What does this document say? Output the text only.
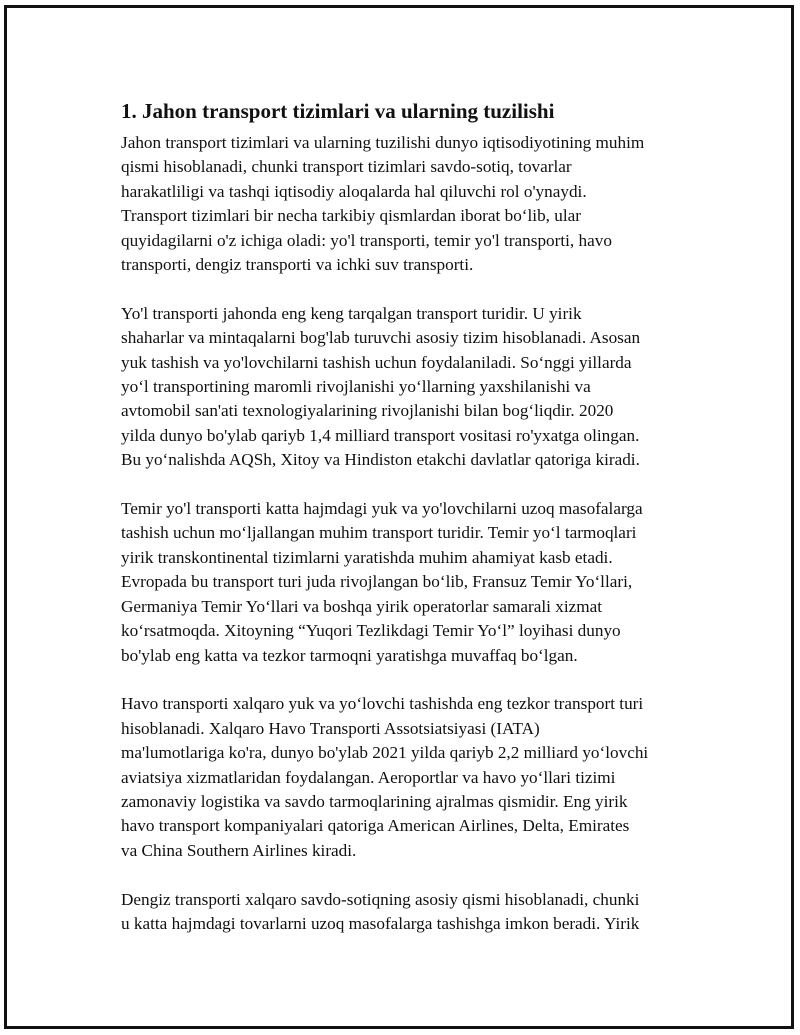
1. Jahon transport tizimlari va ularning tuzilishi

Jahon transport tizimlari va ularning tuzilishi dunyo iqtisodiyotining muhim
qismi hisoblanadi, chunki transport tizimlari savdo-sotiq, tovarlar
harakatliligi va tashqi iqtisodiy aloqalarda hal qiluvchi rol o'ynaydi.
Transport tizimlari bir necha tarkibiy qismlardan iborat bo‘lib, ular
quyidagilarni o'z ichiga oladi: yo'l transporti, temir yo'l transporti, havo
transporti, dengiz transporti va ichki suv transporti.

Yo'l transporti jahonda eng keng tarqalgan transport turidir. U yirik
shaharlar va mintaqalarni bog'lab turuvchi asosiy tizim hisoblanadi. Asosan
yuk tashish va yo'lovchilarni tashish uchun foydalaniladi. So‘nggi yillarda
yo‘l transportining maromli rivojlanishi yo‘llarning yaxshilanishi va
avtomobil san'ati texnologiyalarining rivojlanishi bilan bog‘liqdir. 2020
yilda dunyo bo'ylab qariyb 1,4 milliard transport vositasi ro'yxatga olingan.
Bu yo‘nalishda AQSh, Xitoy va Hindiston etakchi davlatlar qatoriga kiradi.

Temir yo'l transporti katta hajmdagi yuk va yo'lovchilarni uzoq masofalarga
tashish uchun mo‘ljallangan muhim transport turidir. Temir yo‘l tarmoqlari
yirik transkontinental tizimlarni yaratishda muhim ahamiyat kasb etadi.
Evropada bu transport turi juda rivojlangan bo‘lib, Fransuz Temir Yo‘llari,
Germaniya Temir Yo‘llari va boshqa yirik operatorlar samarali xizmat
ko‘rsatmoqda. Xitoyning “Yuqori Tezlikdagi Temir Yo‘l” loyihasi dunyo
bo'ylab eng katta va tezkor tarmoqni yaratishga muvaffaq bo‘lgan.

Havo transporti xalqaro yuk va yo‘lovchi tashishda eng tezkor transport turi
hisoblanadi. Xalqaro Havo Transporti Assotsiatsiyasi (IATA)
ma'lumotlariga ko'ra, dunyo bo'ylab 2021 yilda qariyb 2,2 milliard yo‘lovchi
aviatsiya xizmatlaridan foydalangan. Aeroportlar va havo yo‘llari tizimi
zamonaviy logistika va savdo tarmoqlarining ajralmas qismidir. Eng yirik
havo transport kompaniyalari qatoriga American Airlines, Delta, Emirates
va China Southern Airlines kiradi.

Dengiz transporti xalqaro savdo-sotiqning asosiy qismi hisoblanadi, chunki
u katta hajmdagi tovarlarni uzoq masofalarga tashishga imkon beradi. Yirik
